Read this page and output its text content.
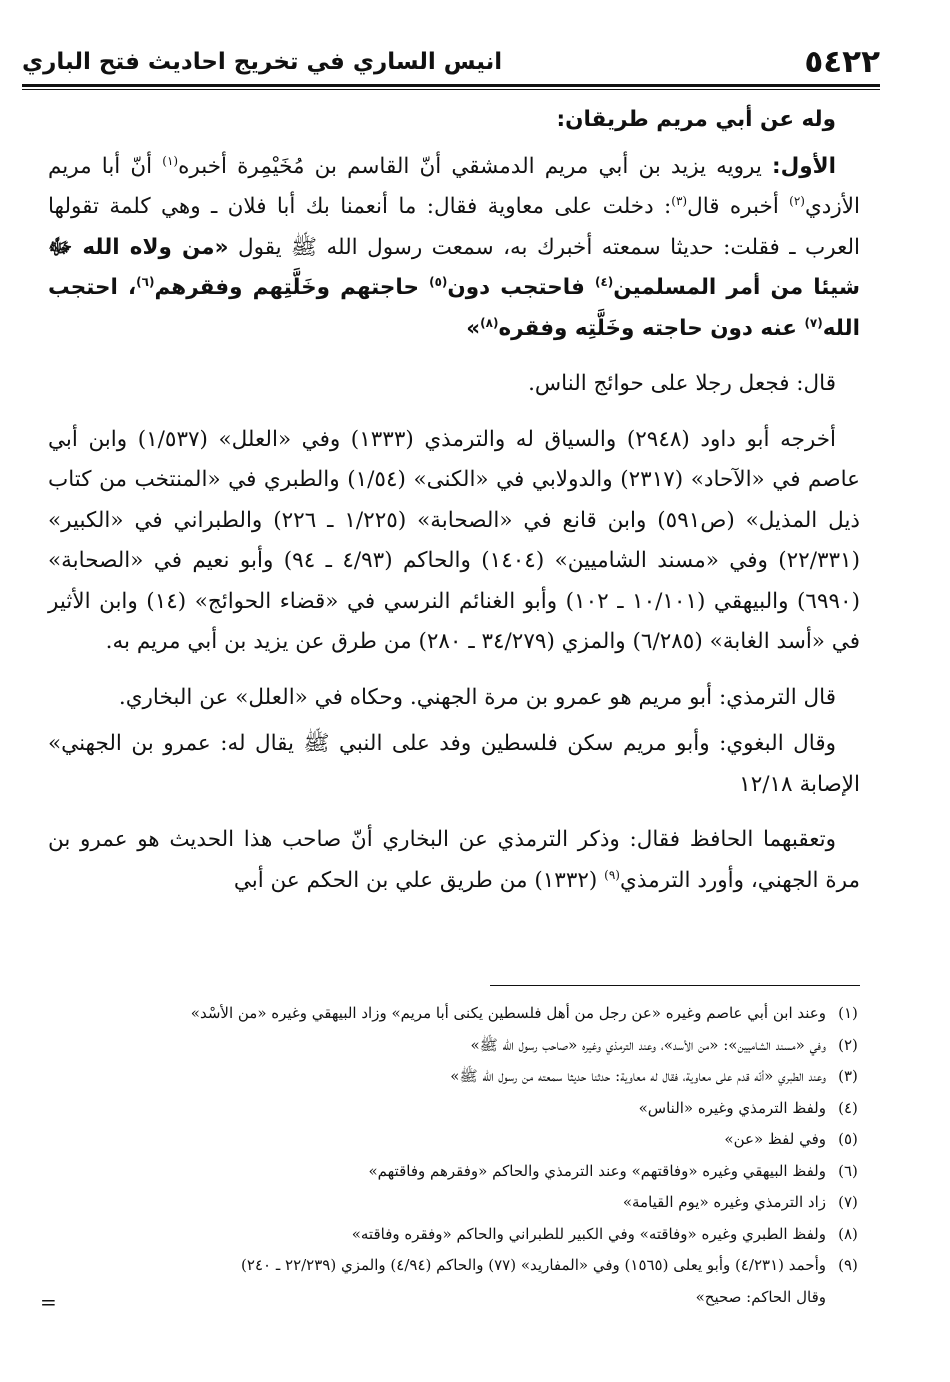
٥٤٢٢
انيس الساري في تخريج احاديث فتح الباري

وله عن أبي مريم طريقان:

الأول: يرويه يزيد بن أبي مريم الدمشقي أنّ القاسم بن مُخَيْمِرة أخبره$^{(١)}$ أنّ أبا مريم الأزدي$^{(٢)}$ أخبره قال$^{(٣)}$: دخلت على معاوية فقال: ما أنعمنا بك أبا فلان ـ وهي كلمة تقولها العرب ـ فقلت: حديثا سمعته أخبرك به، سمعت رسول الله ﷺ يقول «من ولاه الله ﷻ شيئا من أمر المسلمين$^{(٤)}$ فاحتجب دون$^{(٥)}$ حاجتهم وخَلَّتِهم وفقرهم$^{(٦)}$، احتجب الله$^{(٧)}$ عنه دون حاجته وخَلَّتِه وفقره$^{(٨)}$»

قال: فجعل رجلا على حوائج الناس.

أخرجه أبو داود (٢٩٤٨) والسياق له والترمذي (١٣٣٣) وفي «العلل» (١/٥٣٧) وابن أبي عاصم في «الآحاد» (٢٣١٧) والدولابي في «الكنى» (١/٥٤) والطبري في «المنتخب من كتاب ذيل المذيل» (ص٥٩١) وابن قانع في «الصحابة» (١/٢٢٥ ـ ٢٢٦) والطبراني في «الكبير» (٢٢/٣٣١) وفي «مسند الشاميين» (١٤٠٤) والحاكم (٤/٩٣ ـ ٩٤) وأبو نعيم في «الصحابة» (٦٩٩٠) والبيهقي (١٠/١٠١ ـ ١٠٢) وأبو الغنائم النرسي في «قضاء الحوائج» (١٤) وابن الأثير في «أسد الغابة» (٦/٢٨٥) والمزي (٣٤/٢٧٩ ـ ٢٨٠) من طرق عن يزيد بن أبي مريم به.

قال الترمذي: أبو مريم هو عمرو بن مرة الجهني. وحكاه في «العلل» عن البخاري.

وقال البغوي: وأبو مريم سكن فلسطين وفد على النبي ﷺ يقال له: عمرو بن الجهني» الإصابة ١٢/١٨

وتعقبهما الحافظ فقال: وذكر الترمذي عن البخاري أنّ صاحب هذا الحديث هو عمرو بن مرة الجهني، وأورد الترمذي$^{(٩)}$ (١٣٣٢) من طريق علي بن الحكم عن أبي

(١)
وعند ابن أبي عاصم وغيره «عن رجل من أهل فلسطين يكنى أبا مريم» وزاد البيهقي وغيره «من الأسْد»
(٢)
وفي «مسند الشاميين»: «من الأسد»، وعند الترمذي وغيره «صاحب رسول الله ﷺ»
(٣)
وعند الطبري «أنّه قدم على معاوية، فقال له معاوية: حدثنا حديثا سمعته من رسول الله ﷺ»
(٤)
ولفظ الترمذي وغيره «الناس»
(٥)
وفي لفظ «عن»
(٦)
ولفظ البيهقي وغيره «وفاقتهم» وعند الترمذي والحاكم «وفقرهم وفاقتهم»
(٧)
زاد الترمذي وغيره «يوم القيامة»
(٨)
ولفظ الطبري وغيره «وفاقته» وفي الكبير للطبراني والحاكم «وفقره وفاقته»
(٩)
وأحمد (٤/٢٣١) وأبو يعلى (١٥٦٥) وفي «المفاريد» (٧٧) والحاكم (٤/٩٤) والمزي (٢٢/٢٣٩ ـ ٢٤٠)
وقال الحاكم: صحيح»
=
